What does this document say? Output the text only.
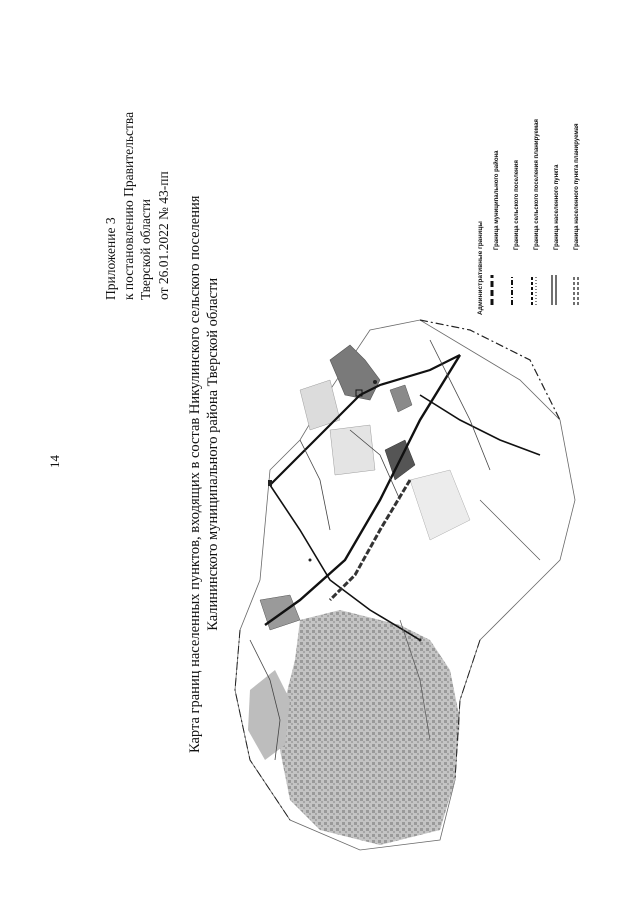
14
Приложение 3 к постановлению Правительства Тверской области от 26.01.2022 № 43-пп Карта границ населенных пунктов, входящих в состав Никулинского сельского поселения Калининского муниципального района Тверской области
Административные границы
Граница муниципального района Граница сельского поселения Граница сельского поселения планируемая Граница населенного пункта Граница населенного пункта планируемая
